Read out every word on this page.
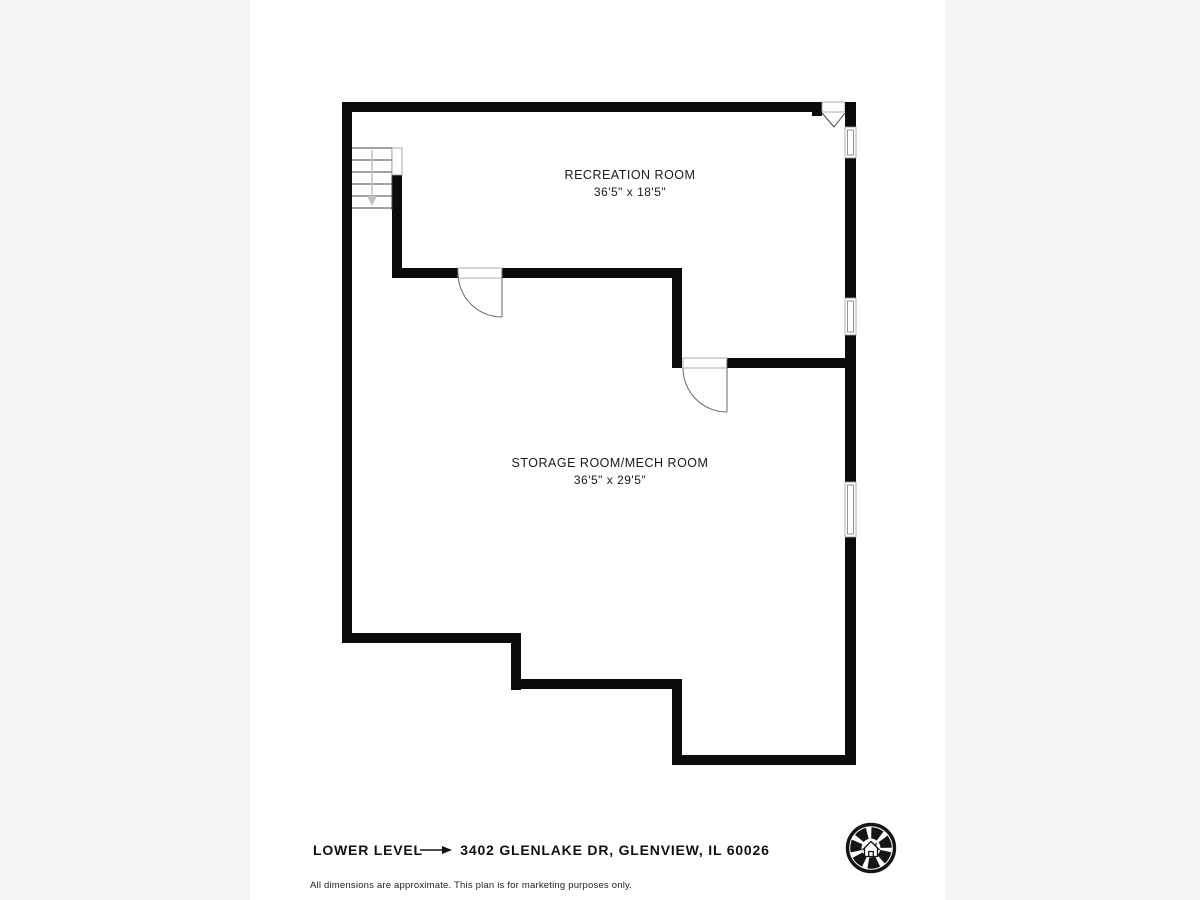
RECREATION ROOM
36'5" x 18'5"
STORAGE ROOM/MECH ROOM
36'5" x 29'5"
LOWER LEVEL	3402 GLENLAKE DR, GLENVIEW, IL 60026
All dimensions are approximate. This plan is for marketing purposes only.
